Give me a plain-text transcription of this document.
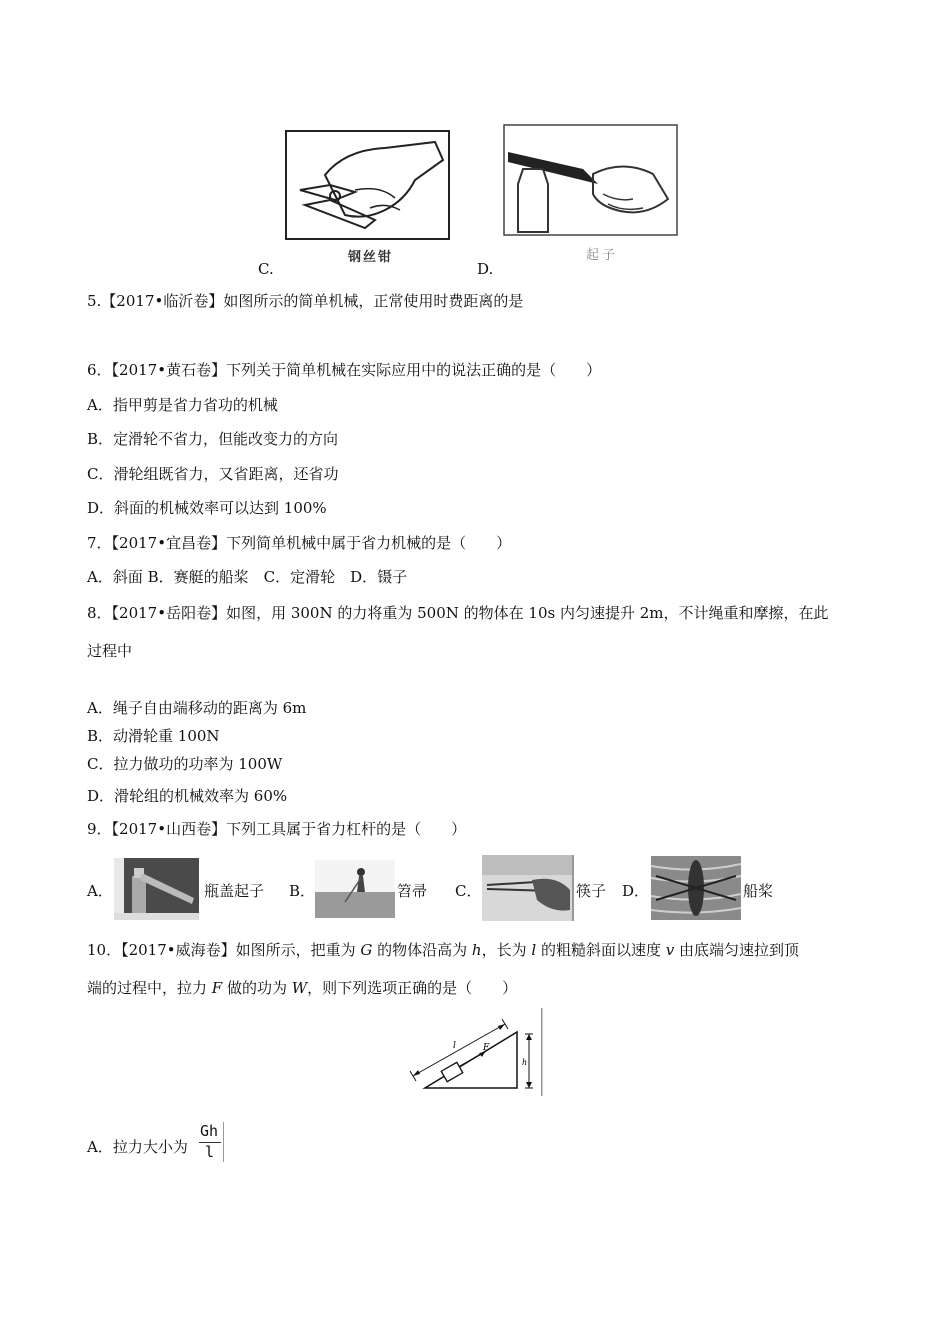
钢丝钳	起子
C.	D.
5.【2017•临沂卷】如图所示的简单机械，正常使用时费距离的是
6．【2017•黄石卷】下列关于简单机械在实际应用中的说法正确的是（　　）
A．指甲剪是省力省功的机械
B．定滑轮不省力，但能改变力的方向
C．滑轮组既省力，又省距离，还省功
D．斜面的机械效率可以达到 100%
7．【2017•宜昌卷】下列简单机械中属于省力机械的是（　　）
A．斜面 B．赛艇的船桨　C．定滑轮　D．镊子
8．【2017•岳阳卷】如图，用 300N 的力将重为 500N 的物体在 10s 内匀速提升 2m，不计绳重和摩擦，在此
过程中
A．绳子自由端移动的距离为 6m
B．动滑轮重 100N
C．拉力做功的功率为 100W
D．滑轮组的机械效率为 60%
9．【2017•山西卷】下列工具属于省力杠杆的是（　　）
A．	瓶盖起子 B．	笤帚 C．	筷子 D．	船桨
10．【2017•威海卷】如图所示，把重为 G 的物体沿高为 h，长为 l 的粗糙斜面以速度 v 由底端匀速拉到顶
端的过程中，拉力 F 做的功为 W，则下列选项正确的是（　　）
l	F
h
A．拉力大小为
Gh
l
